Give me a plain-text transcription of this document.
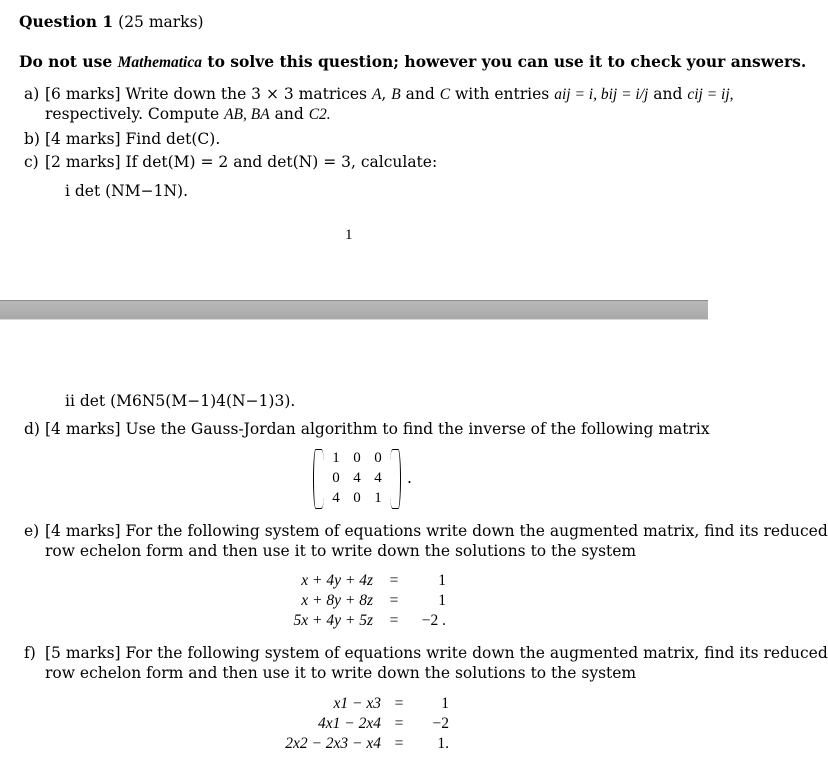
Question 1 (25 marks)
Do not use Mathematica to solve this question; however you can use it to check your answers.
a) [6 marks] Write down the 3 × 3 matrices A, B and C with entries aij = i, bij = i/j and cij = ij,
respectively. Compute AB, BA and C2.
b) [4 marks] Find det(C).
c) [2 marks] If det(M) = 2 and det(N) = 3, calculate:
i det (NM−1N).
1
ii det (M6N5(M−1)4(N−1)3).
d) [4 marks] Use the Gauss-Jordan algorithm to find the inverse of the following matrix
1 0 0
0 4 4
4 0 1
.
e) [4 marks] For the following system of equations write down the augmented matrix, find its reduced
row echelon form and then use it to write down the solutions to the system
x + 4y + 4z
x + 8y + 8z
5x + 4y + 5z
=
=
=
1
1
−2 .
f) [5 marks] For the following system of equations write down the augmented matrix, find its reduced
row echelon form and then use it to write down the solutions to the system
x1 − x3
4x1 − 2x4
2x2 − 2x3 − x4
=
=
=
1
−2
1.
